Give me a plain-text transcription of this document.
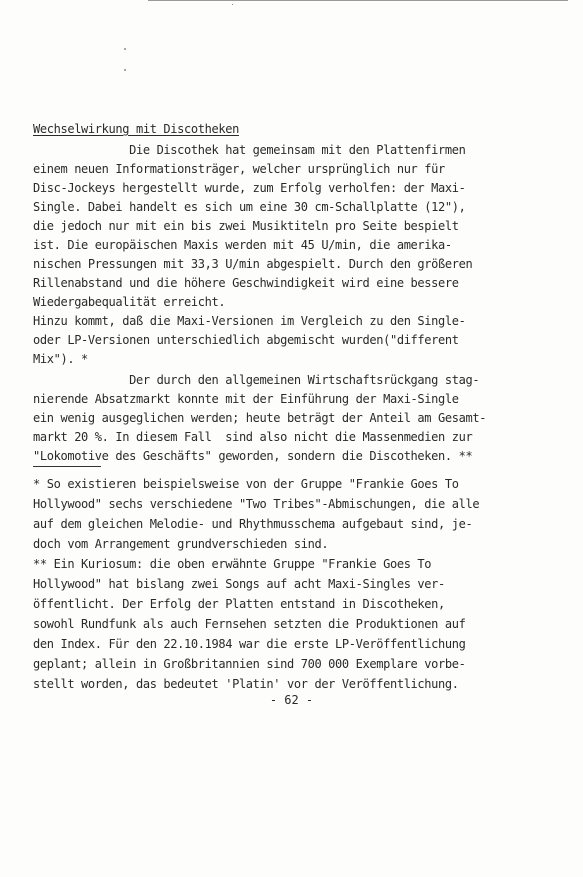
Wechselwirkung mit Discotheken

Die Discothek hat gemeinsam mit den Plattenfirmen

einem neuen Informationsträger, welcher ursprünglich nur für

Disc-Jockeys hergestellt wurde, zum Erfolg verholfen: der Maxi-

Single. Dabei handelt es sich um eine 30 cm-Schallplatte (12"),

die jedoch nur mit ein bis zwei Musiktiteln pro Seite bespielt

ist. Die europäischen Maxis werden mit 45 U/min, die amerika-

nischen Pressungen mit 33,3 U/min abgespielt. Durch den größeren

Rillenabstand und die höhere Geschwindigkeit wird eine bessere

Wiedergabequalität erreicht.

Hinzu kommt, daß die Maxi-Versionen im Vergleich zu den Single-

oder LP-Versionen unterschiedlich abgemischt wurden("different

Mix"). *

Der durch den allgemeinen Wirtschaftsrückgang stag-

nierende Absatzmarkt konnte mit der Einführung der Maxi-Single

ein wenig ausgeglichen werden; heute beträgt der Anteil am Gesamt-

markt 20 %. In diesem Fall  sind also nicht die Massenmedien zur

"Lokomotive des Geschäfts" geworden, sondern die Discotheken. **

* So existieren beispielsweise von der Gruppe "Frankie Goes To

Hollywood" sechs verschiedene "Two Tribes"-Abmischungen, die alle

auf dem gleichen Melodie- und Rhythmusschema aufgebaut sind, je-

doch vom Arrangement grundverschieden sind.

** Ein Kuriosum: die oben erwähnte Gruppe "Frankie Goes To

Hollywood" hat bislang zwei Songs auf acht Maxi-Singles ver-

öffentlicht. Der Erfolg der Platten entstand in Discotheken,

sowohl Rundfunk als auch Fernsehen setzten die Produktionen auf

den Index. Für den 22.10.1984 war die erste LP-Veröffentlichung

geplant; allein in Großbritannien sind 700 000 Exemplare vorbe-

stellt worden, das bedeutet 'Platin' vor der Veröffentlichung.

- 62 -
